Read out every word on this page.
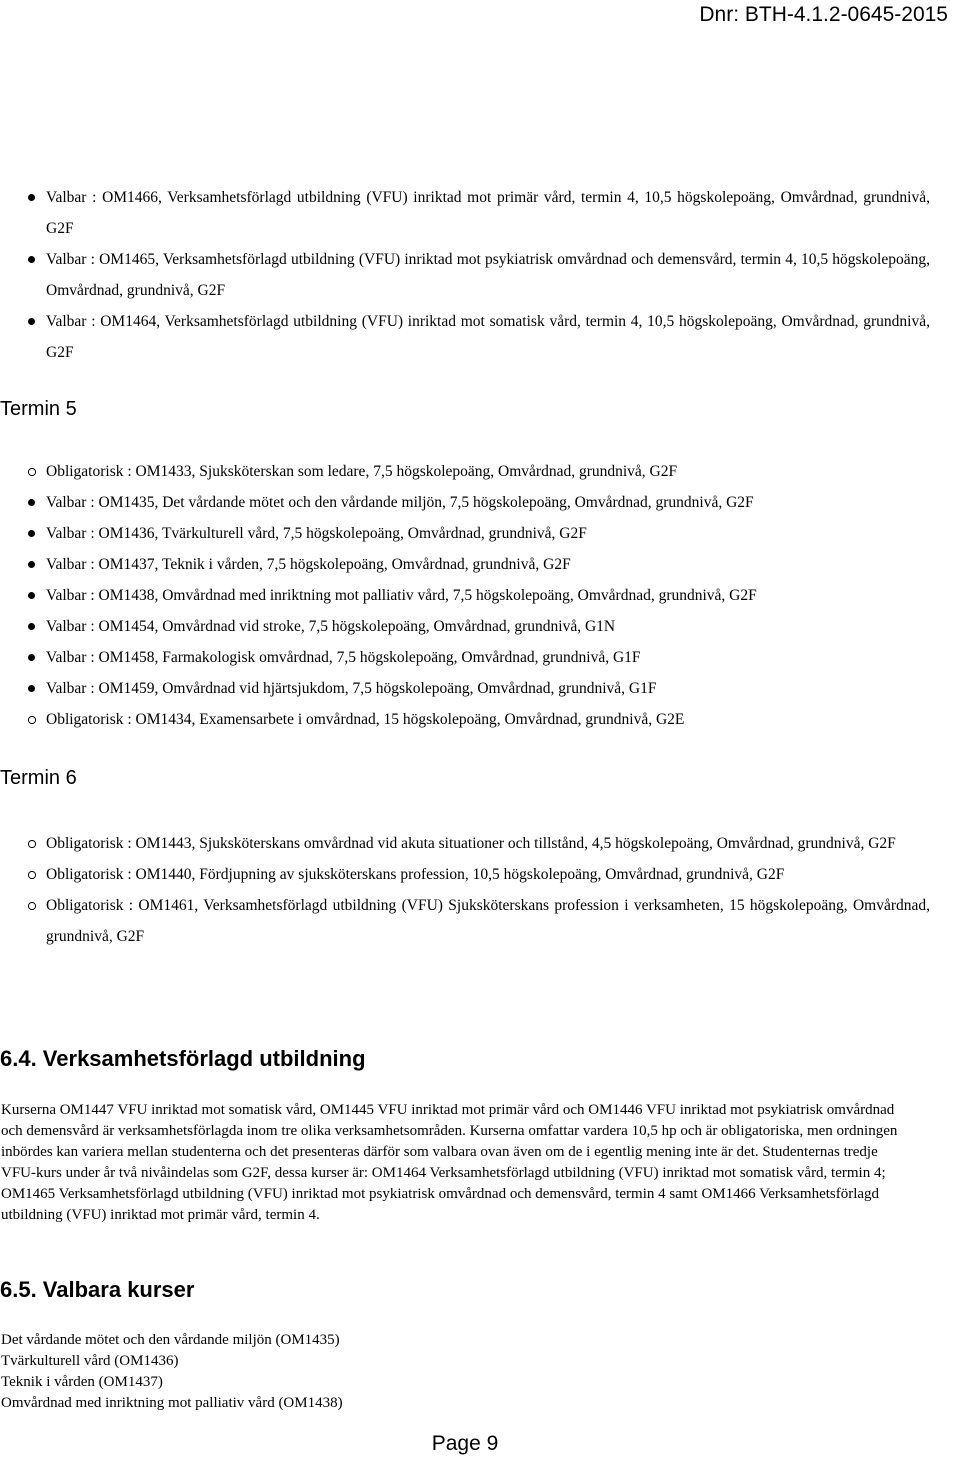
Dnr: BTH-4.1.2-0645-2015
Valbar : OM1466, Verksamhetsförlagd utbildning (VFU) inriktad mot primär vård, termin 4, 10,5 högskolepoäng, Omvårdnad, grundnivå, G2F
Valbar : OM1465, Verksamhetsförlagd utbildning (VFU) inriktad mot psykiatrisk omvårdnad och demensvård, termin 4, 10,5 högskolepoäng, Omvårdnad, grundnivå, G2F
Valbar : OM1464, Verksamhetsförlagd utbildning (VFU) inriktad mot somatisk vård, termin 4, 10,5 högskolepoäng, Omvårdnad, grundnivå, G2F
Termin 5
Obligatorisk : OM1433, Sjuksköterskan som ledare, 7,5 högskolepoäng, Omvårdnad, grundnivå, G2F
Valbar : OM1435, Det vårdande mötet och den vårdande miljön, 7,5 högskolepoäng, Omvårdnad, grundnivå, G2F
Valbar : OM1436, Tvärkulturell vård, 7,5 högskolepoäng, Omvårdnad, grundnivå, G2F
Valbar : OM1437, Teknik i vården, 7,5 högskolepoäng, Omvårdnad, grundnivå, G2F
Valbar : OM1438, Omvårdnad med inriktning mot palliativ vård, 7,5 högskolepoäng, Omvårdnad, grundnivå, G2F
Valbar : OM1454, Omvårdnad vid stroke, 7,5 högskolepoäng, Omvårdnad, grundnivå, G1N
Valbar : OM1458, Farmakologisk omvårdnad, 7,5 högskolepoäng, Omvårdnad, grundnivå, G1F
Valbar : OM1459, Omvårdnad vid hjärtsjukdom, 7,5 högskolepoäng, Omvårdnad, grundnivå, G1F
Obligatorisk : OM1434, Examensarbete i omvårdnad, 15 högskolepoäng, Omvårdnad, grundnivå, G2E
Termin 6
Obligatorisk : OM1443, Sjuksköterskans omvårdnad vid akuta situationer och tillstånd, 4,5 högskolepoäng, Omvårdnad, grundnivå, G2F
Obligatorisk : OM1440, Fördjupning av sjuksköterskans profession, 10,5 högskolepoäng, Omvårdnad, grundnivå, G2F
Obligatorisk : OM1461, Verksamhetsförlagd utbildning (VFU) Sjuksköterskans profession i verksamheten, 15 högskolepoäng, Omvårdnad, grundnivå, G2F
6.4. Verksamhetsförlagd utbildning
Kurserna OM1447 VFU inriktad mot somatisk vård, OM1445 VFU inriktad mot primär vård och OM1446 VFU inriktad mot psykiatrisk omvårdnad och demensvård är verksamhetsförlagda inom tre olika verksamhetsområden. Kurserna omfattar vardera 10,5 hp och är obligatoriska, men ordningen inbördes kan variera mellan studenterna och det presenteras därför som valbara ovan även om de i egentlig mening inte är det. Studenternas tredje VFU-kurs under år två nivåindelas som G2F, dessa kurser är: OM1464 Verksamhetsförlagd utbildning (VFU) inriktad mot somatisk vård, termin 4; OM1465 Verksamhetsförlagd utbildning (VFU) inriktad mot psykiatrisk omvårdnad och demensvård, termin 4 samt OM1466 Verksamhetsförlagd utbildning (VFU) inriktad mot primär vård, termin 4.
6.5. Valbara kurser
Det vårdande mötet och den vårdande miljön (OM1435)
Tvärkulturell vård (OM1436)
Teknik i vården (OM1437)
Omvårdnad med inriktning mot palliativ vård (OM1438)
Page 9
